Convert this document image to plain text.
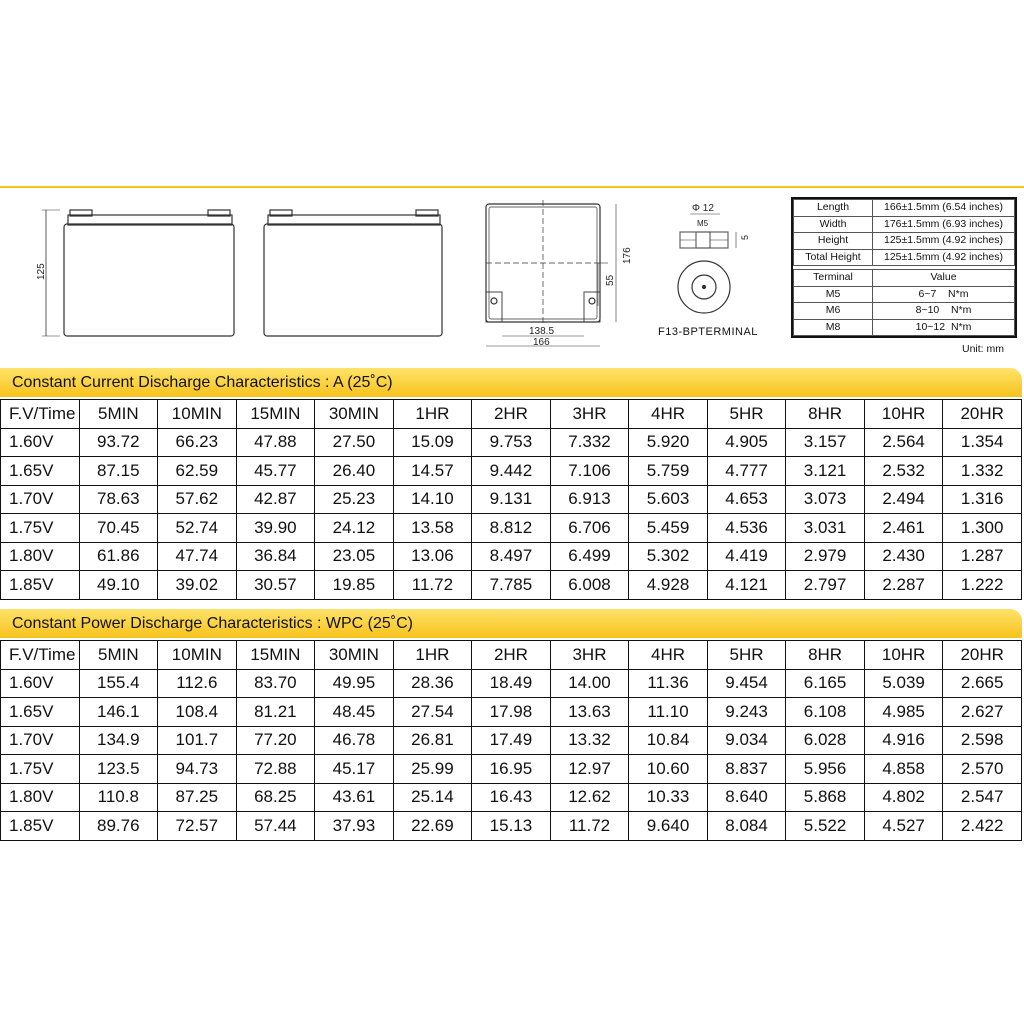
125
138.5
166
176
55
Φ 12
M5
5
F13-BPTERMINAL
Length	166±1.5mm (6.54 inches)
Width	176±1.5mm (6.93 inches)
Height	125±1.5mm (4.92 inches)
Total Height	125±1.5mm (4.92 inches)

Terminal	Value
M5	6~7    N*m
M6	8~10    N*m
M8	10~12  N*m
Unit: mm
Constant Current Discharge Characteristics : A (25˚C)
F.V/Time	5MIN	10MIN	15MIN	30MIN	1HR	2HR	3HR	4HR	5HR	8HR	10HR	20HR
1.60V	93.72	66.23	47.88	27.50	15.09	9.753	7.332	5.920	4.905	3.157	2.564	1.354
1.65V	87.15	62.59	45.77	26.40	14.57	9.442	7.106	5.759	4.777	3.121	2.532	1.332
1.70V	78.63	57.62	42.87	25.23	14.10	9.131	6.913	5.603	4.653	3.073	2.494	1.316
1.75V	70.45	52.74	39.90	24.12	13.58	8.812	6.706	5.459	4.536	3.031	2.461	1.300
1.80V	61.86	47.74	36.84	23.05	13.06	8.497	6.499	5.302	4.419	2.979	2.430	1.287
1.85V	49.10	39.02	30.57	19.85	11.72	7.785	6.008	4.928	4.121	2.797	2.287	1.222
Constant Power Discharge Characteristics : WPC (25˚C)
F.V/Time	5MIN	10MIN	15MIN	30MIN	1HR	2HR	3HR	4HR	5HR	8HR	10HR	20HR
1.60V	155.4	112.6	83.70	49.95	28.36	18.49	14.00	11.36	9.454	6.165	5.039	2.665
1.65V	146.1	108.4	81.21	48.45	27.54	17.98	13.63	11.10	9.243	6.108	4.985	2.627
1.70V	134.9	101.7	77.20	46.78	26.81	17.49	13.32	10.84	9.034	6.028	4.916	2.598
1.75V	123.5	94.73	72.88	45.17	25.99	16.95	12.97	10.60	8.837	5.956	4.858	2.570
1.80V	110.8	87.25	68.25	43.61	25.14	16.43	12.62	10.33	8.640	5.868	4.802	2.547
1.85V	89.76	72.57	57.44	37.93	22.69	15.13	11.72	9.640	8.084	5.522	4.527	2.422
